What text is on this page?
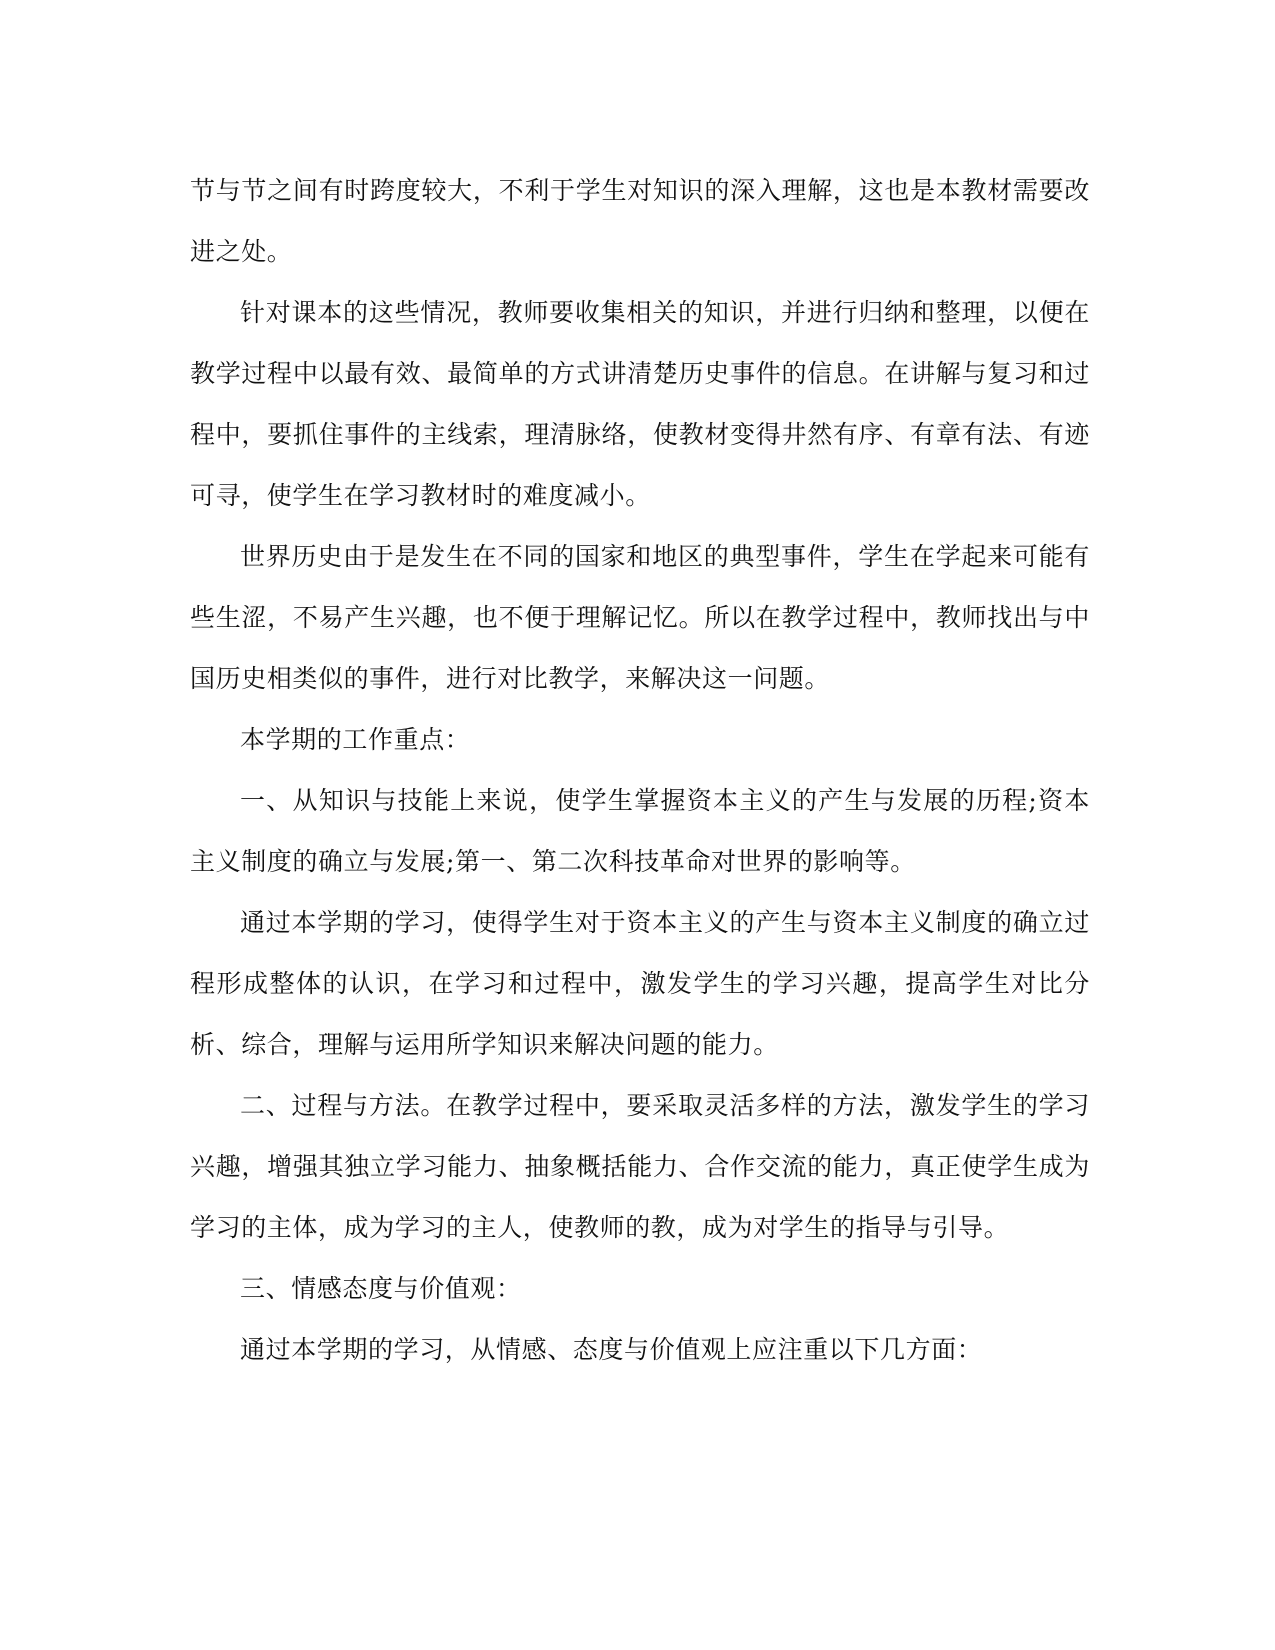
节与节之间有时跨度较大，不利于学生对知识的深入理解，这也是本教材需要改进之处。

针对课本的这些情况，教师要收集相关的知识，并进行归纳和整理，以便在教学过程中以最有效、最简单的方式讲清楚历史事件的信息。在讲解与复习和过程中，要抓住事件的主线索，理清脉络，使教材变得井然有序、有章有法、有迹可寻，使学生在学习教材时的难度减小。

世界历史由于是发生在不同的国家和地区的典型事件，学生在学起来可能有些生涩，不易产生兴趣，也不便于理解记忆。所以在教学过程中，教师找出与中国历史相类似的事件，进行对比教学，来解决这一问题。

本学期的工作重点：

一、从知识与技能上来说，使学生掌握资本主义的产生与发展的历程;资本主义制度的确立与发展;第一、第二次科技革命对世界的影响等。

通过本学期的学习，使得学生对于资本主义的产生与资本主义制度的确立过程形成整体的认识，在学习和过程中，激发学生的学习兴趣，提高学生对比分析、综合，理解与运用所学知识来解决问题的能力。

二、过程与方法。在教学过程中，要采取灵活多样的方法，激发学生的学习兴趣，增强其独立学习能力、抽象概括能力、合作交流的能力，真正使学生成为学习的主体，成为学习的主人，使教师的教，成为对学生的指导与引导。

三、情感态度与价值观：

通过本学期的学习，从情感、态度与价值观上应注重以下几方面：
